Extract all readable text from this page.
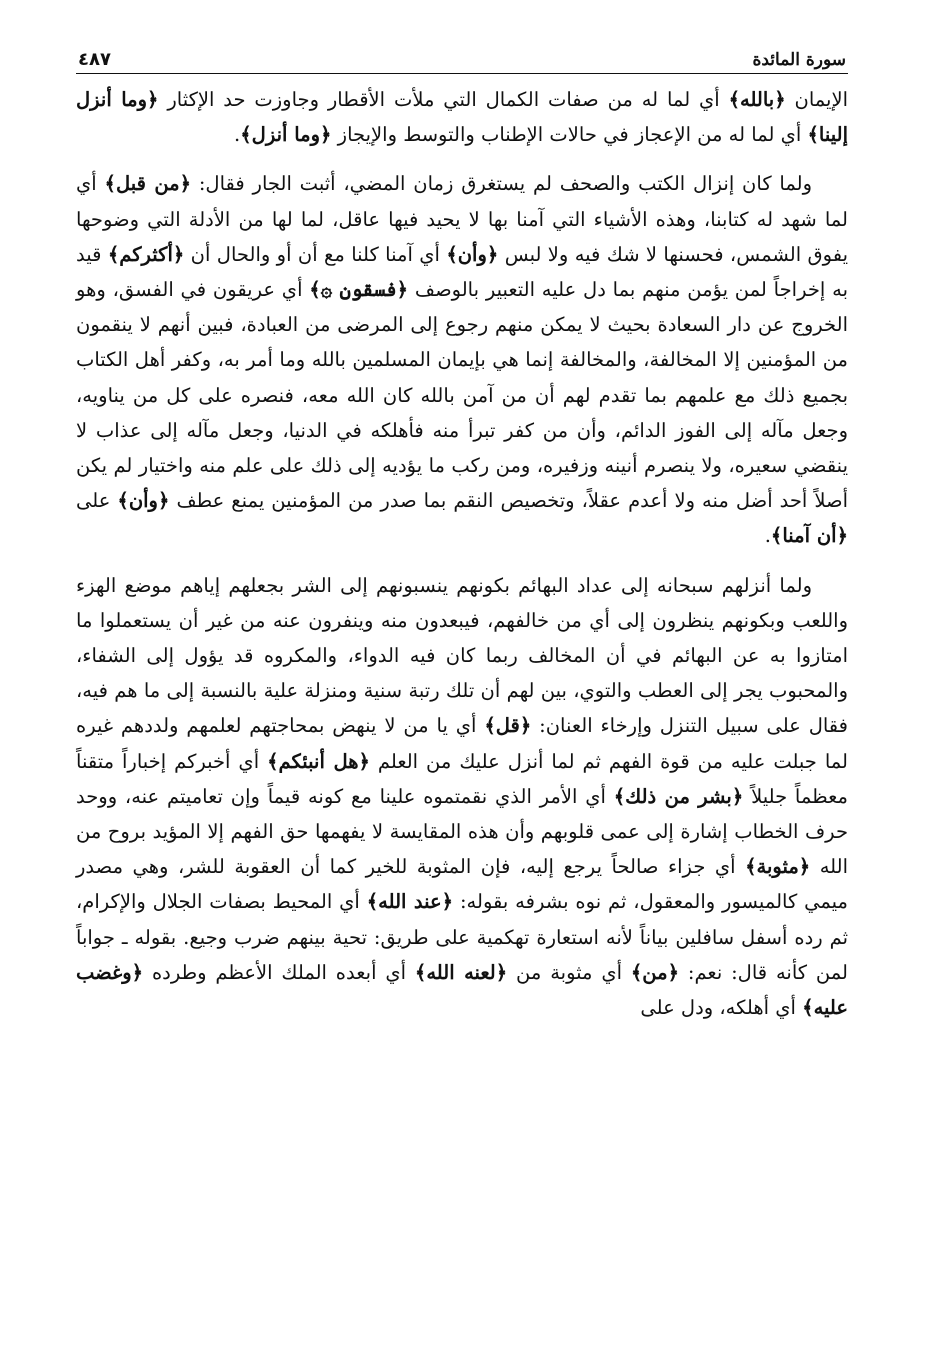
سورة المائدة
٤٨٧

الإيمان ﴿بالله﴾ أي لما له من صفات الكمال التي ملأت الأقطار وجاوزت حد الإكثار ﴿وما أنزل إلينا﴾ أي لما له من الإعجاز في حالات الإطناب والتوسط والإيجاز ﴿وما أنزل﴾.

ولما كان إنزال الكتب والصحف لم يستغرق زمان المضي، أثبت الجار فقال: ﴿من قبل﴾ أي لما شهد له كتابنا، وهذه الأشياء التي آمنا بها لا يحيد فيها عاقل، لما لها من الأدلة التي وضوحها يفوق الشمس، فحسنها لا شك فيه ولا لبس ﴿وأن﴾ أي آمنا كلنا مع أن أو والحال أن ﴿أكثركم﴾ قيد به إخراجاً لمن يؤمن منهم بما دل عليه التعبير بالوصف ﴿فسقون ۞﴾ أي عريقون في الفسق، وهو الخروج عن دار السعادة بحيث لا يمكن منهم رجوع إلى المرضى من العبادة، فبين أنهم لا ينقمون من المؤمنين إلا المخالفة، والمخالفة إنما هي بإيمان المسلمين بالله وما أمر به، وكفر أهل الكتاب بجميع ذلك مع علمهم بما تقدم لهم أن من آمن بالله كان الله معه، فنصره على كل من يناويه، وجعل مآله إلى الفوز الدائم، وأن من كفر تبرأ منه فأهلكه في الدنيا، وجعل مآله إلى عذاب لا ينقضي سعيره، ولا ينصرم أنينه وزفيره، ومن ركب ما يؤديه إلى ذلك على علم منه واختيار لم يكن أصلاً أحد أضل منه ولا أعدم عقلاً، وتخصيص النقم بما صدر من المؤمنين يمنع عطف ﴿وأن﴾ على ﴿أن آمنا﴾.

ولما أنزلهم سبحانه إلى عداد البهائم بكونهم ينسبونهم إلى الشر بجعلهم إياهم موضع الهزء واللعب وبكونهم ينظرون إلى أي من خالفهم، فيبعدون منه وينفرون عنه من غير أن يستعملوا ما امتازوا به عن البهائم في أن المخالف ربما كان فيه الدواء، والمكروه قد يؤول إلى الشفاء، والمحبوب يجر إلى العطب والتوي، بين لهم أن تلك رتبة سنية ومنزلة علية بالنسبة إلى ما هم فيه، فقال على سبيل التنزل وإرخاء العنان: ﴿قل﴾ أي يا من لا ينهض بمحاجتهم لعلمهم ولددهم غيره لما جبلت عليه من قوة الفهم ثم لما أنزل عليك من العلم ﴿هل أنبئكم﴾ أي أخبركم إخباراً متقناً معظماً جليلاً ﴿بشر من ذلك﴾ أي الأمر الذي نقمتموه علينا مع كونه قيماً وإن تعاميتم عنه، ووحد حرف الخطاب إشارة إلى عمى قلوبهم وأن هذه المقايسة لا يفهمها حق الفهم إلا المؤيد بروح من الله ﴿مثوبة﴾ أي جزاء صالحاً يرجع إليه، فإن المثوبة للخير كما أن العقوبة للشر، وهي مصدر ميمي كالميسور والمعقول، ثم نوه بشرفه بقوله: ﴿عند الله﴾ أي المحيط بصفات الجلال والإكرام، ثم رده أسفل سافلين بياناً لأنه استعارة تهكمية على طريق: تحية بينهم ضرب وجيع. بقوله ـ جواباً لمن كأنه قال: نعم: ﴿من﴾ أي مثوبة من ﴿لعنه الله﴾ أي أبعده الملك الأعظم وطرده ﴿وغضب عليه﴾ أي أهلكه، ودل على
